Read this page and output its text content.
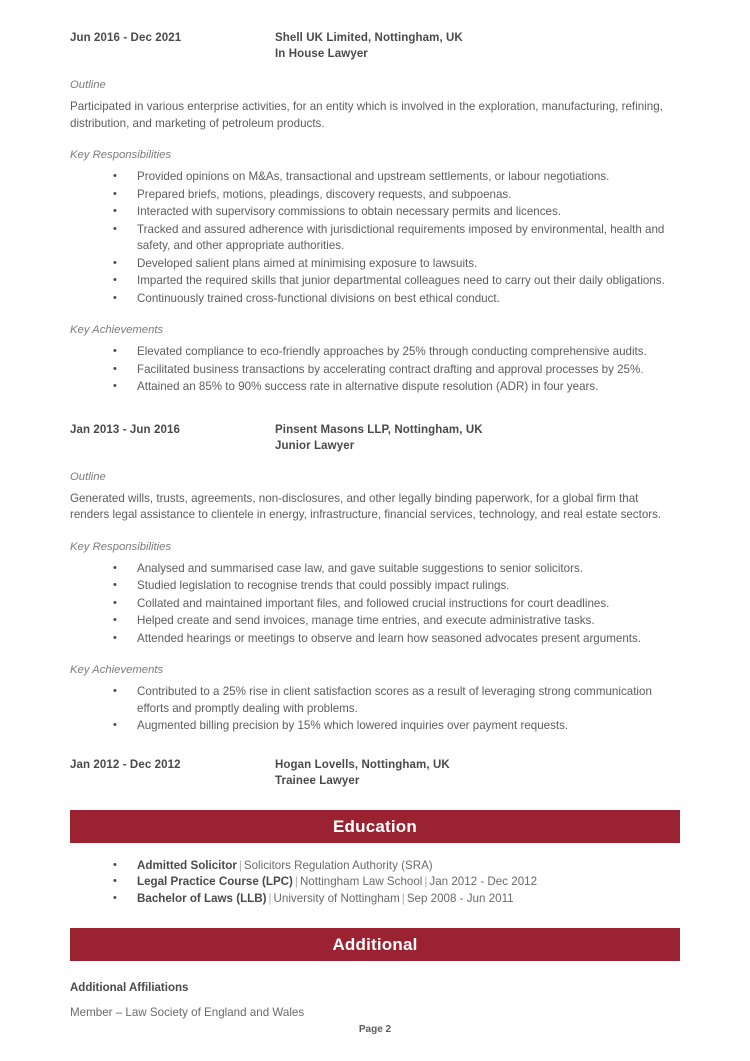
Jun 2016 - Dec 2021	Shell UK Limited, Nottingham, UK
In House Lawyer
Outline

Participated in various enterprise activities, for an entity which is involved in the exploration, manufacturing, refining, distribution, and marketing of petroleum products.

Key Responsibilities
• Provided opinions on M&As, transactional and upstream settlements, or labour negotiations.
• Prepared briefs, motions, pleadings, discovery requests, and subpoenas.
• Interacted with supervisory commissions to obtain necessary permits and licences.
• Tracked and assured adherence with jurisdictional requirements imposed by environmental, health and safety, and other appropriate authorities.
• Developed salient plans aimed at minimising exposure to lawsuits.
• Imparted the required skills that junior departmental colleagues need to carry out their daily obligations.
• Continuously trained cross-functional divisions on best ethical conduct.
Key Achievements
• Elevated compliance to eco-friendly approaches by 25% through conducting comprehensive audits.
• Facilitated business transactions by accelerating contract drafting and approval processes by 25%.
• Attained an 85% to 90% success rate in alternative dispute resolution (ADR) in four years.
Jan 2013 - Jun 2016	Pinsent Masons LLP, Nottingham, UK
Junior Lawyer
Outline

Generated wills, trusts, agreements, non-disclosures, and other legally binding paperwork, for a global firm that renders legal assistance to clientele in energy, infrastructure, financial services, technology, and real estate sectors.

Key Responsibilities
• Analysed and summarised case law, and gave suitable suggestions to senior solicitors.
• Studied legislation to recognise trends that could possibly impact rulings.
• Collated and maintained important files, and followed crucial instructions for court deadlines.
• Helped create and send invoices, manage time entries, and execute administrative tasks.
• Attended hearings or meetings to observe and learn how seasoned advocates present arguments.
Key Achievements
• Contributed to a 25% rise in client satisfaction scores as a result of leveraging strong communication efforts and promptly dealing with problems.
• Augmented billing precision by 15% which lowered inquiries over payment requests.
Jan 2012 - Dec 2012	Hogan Lovells, Nottingham, UK
Trainee Lawyer
Education
• Admitted Solicitor | Solicitors Regulation Authority (SRA)
• Legal Practice Course (LPC) | Nottingham Law School | Jan 2012 - Dec 2012
• Bachelor of Laws (LLB) | University of Nottingham | Sep 2008 - Jun 2011
Additional
Additional Affiliations
Member – Law Society of England and Wales
Page 2
